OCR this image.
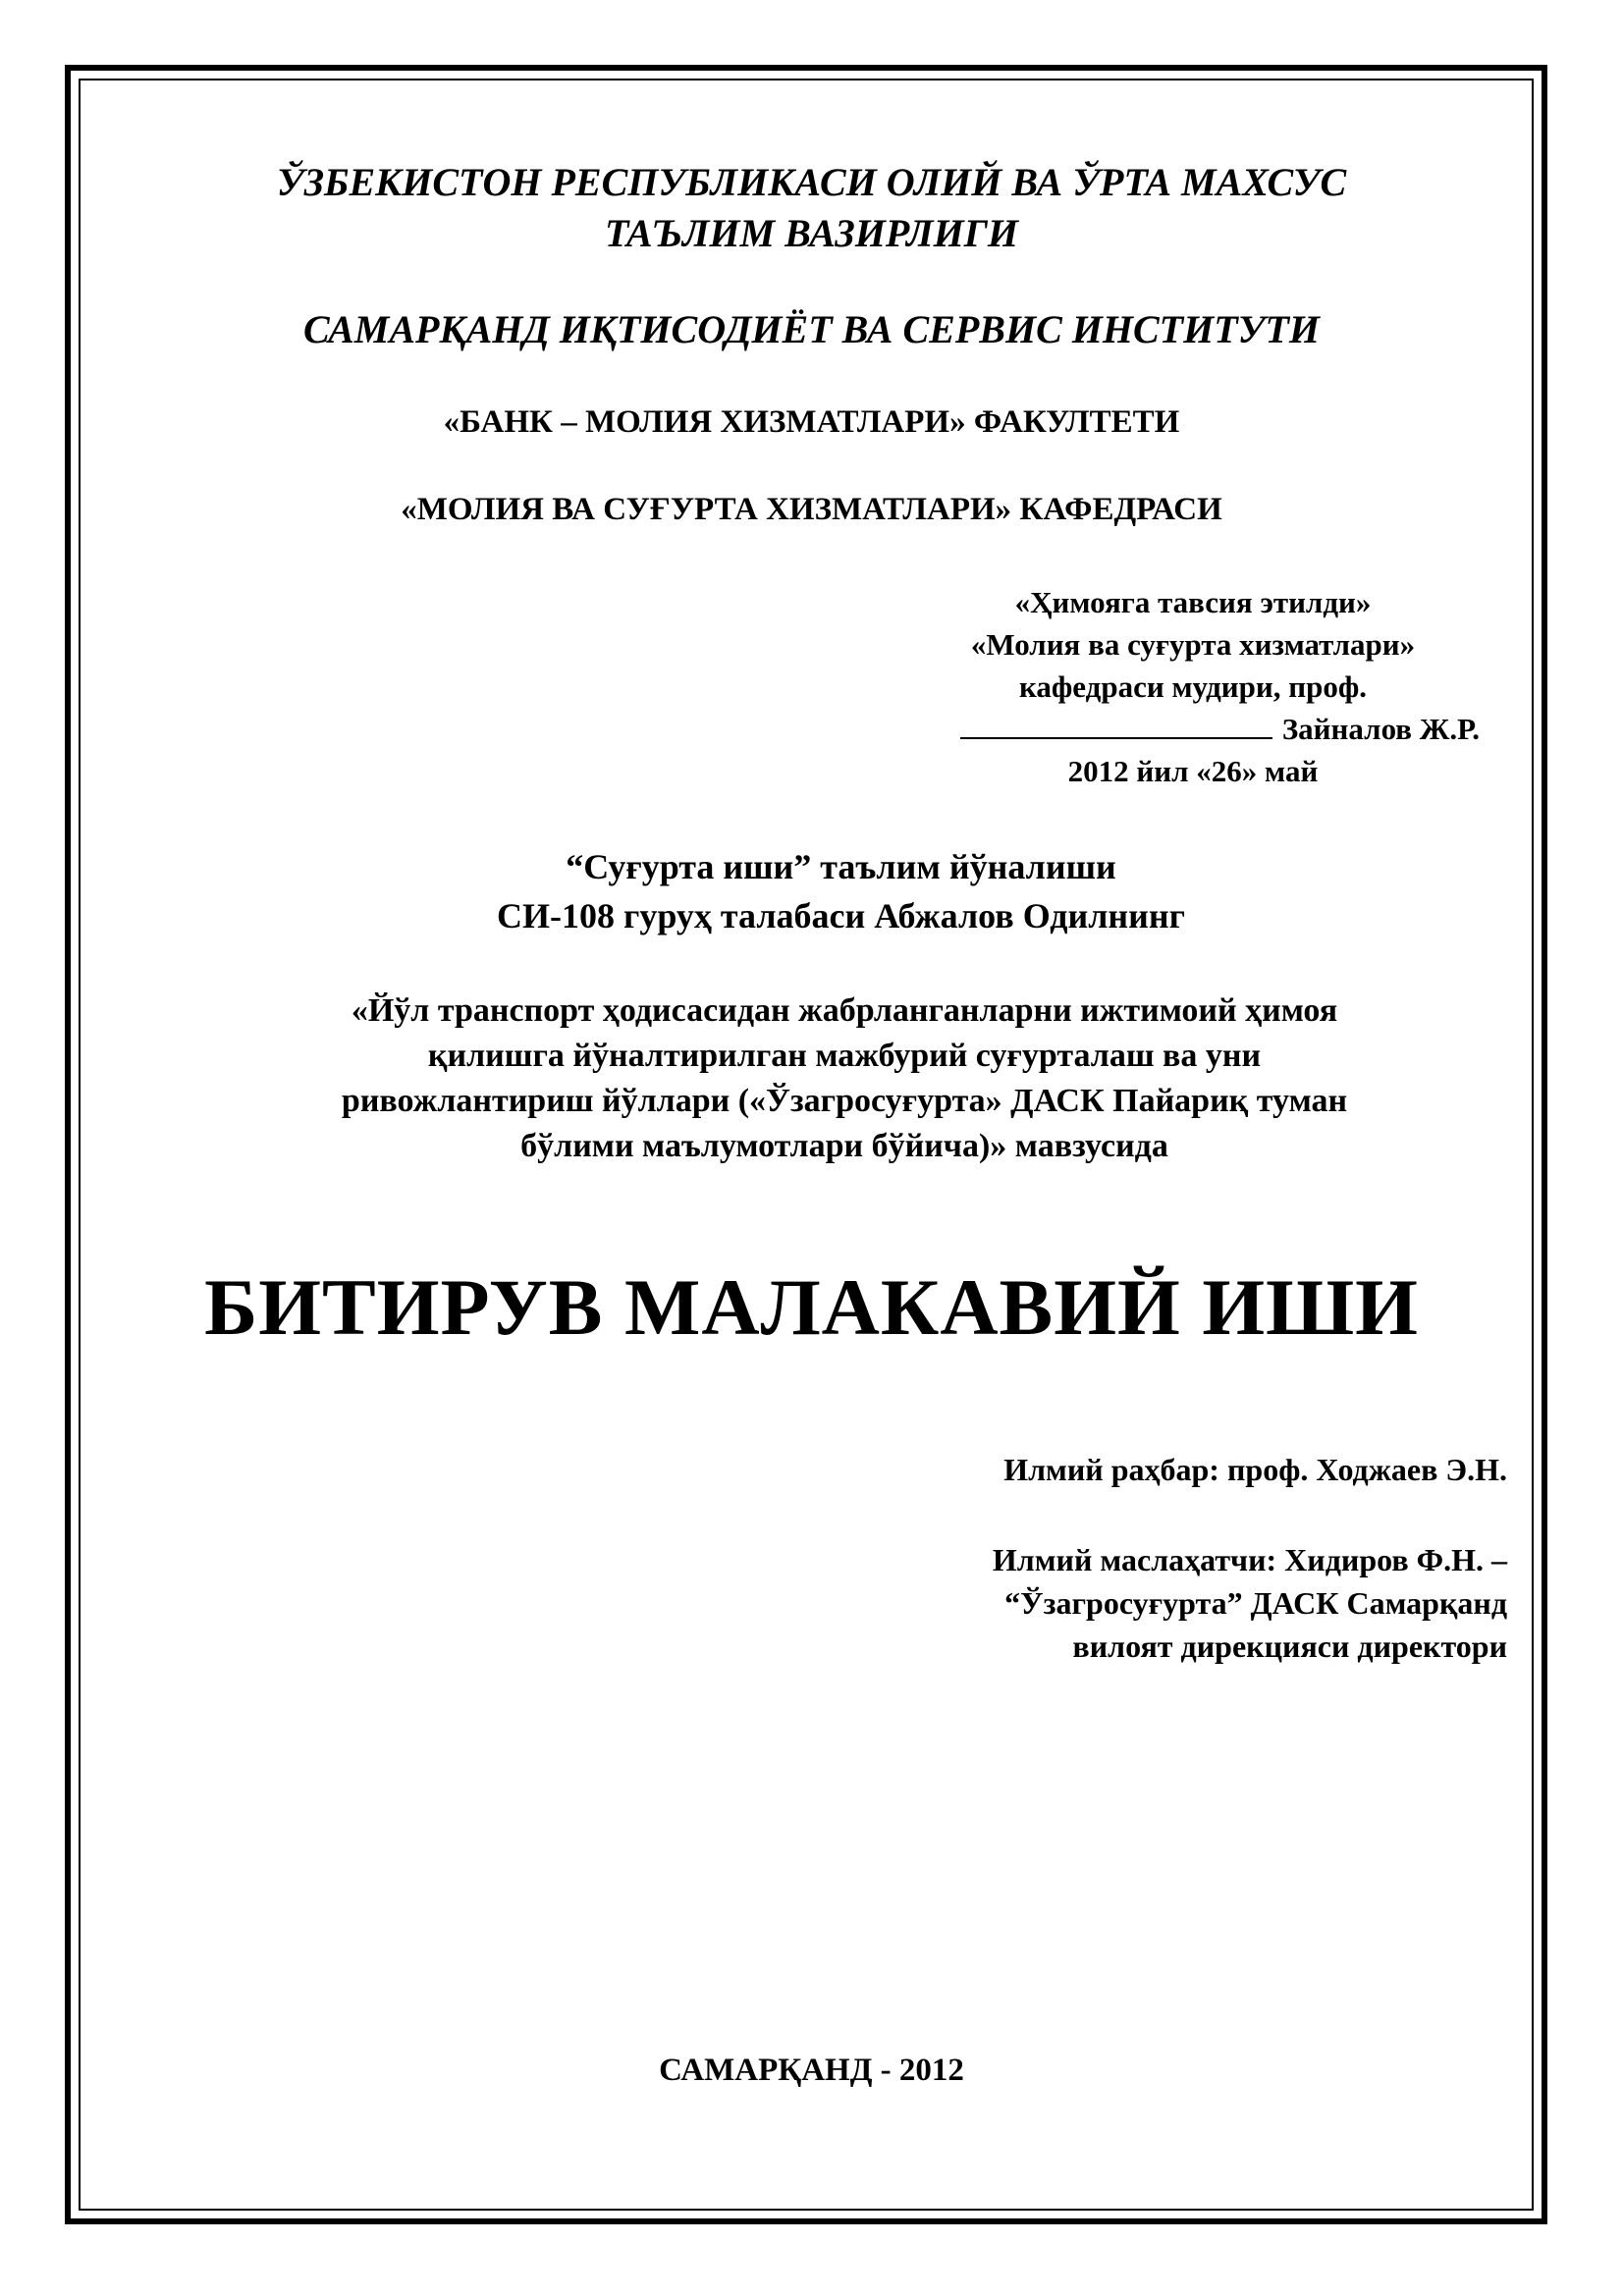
ЎЗБЕКИСТОН РЕСПУБЛИКАСИ ОЛИЙ ВА ЎРТА МАХСУС
ТАЪЛИМ ВАЗИРЛИГИ
САМАРҚАНД ИҚТИСОДИЁТ ВА СЕРВИС ИНСТИТУТИ
«БАНК – МОЛИЯ ХИЗМАТЛАРИ» ФАКУЛТЕТИ
«МОЛИЯ ВА СУҒУРТА ХИЗМАТЛАРИ» КАФЕДРАСИ
«Ҳимояга тавсия этилди»
«Молия ва суғурта хизматлари»
кафедраси мудири, проф.
Зайналов Ж.Р.
2012 йил «26» май
“Суғурта иши” таълим йўналиши
СИ-108 гуруҳ талабаси Абжалов Одилнинг
«Йўл транспорт ҳодисасидан жабрланганларни ижтимоий ҳимоя
қилишга йўналтирилган мажбурий суғурталаш ва уни
ривожлантириш йўллари («Ўзагросуғурта» ДАСК Пайариқ туман
бўлими маълумотлари бўйича)» мавзусида
БИТИРУВ МАЛАКАВИЙ ИШИ
Илмий раҳбар: проф. Ходжаев Э.Н.
Илмий маслаҳатчи: Хидиров Ф.Н. –
“Ўзагросуғурта” ДАСК Самарқанд
вилоят дирекцияси директори
САМАРҚАНД - 2012
